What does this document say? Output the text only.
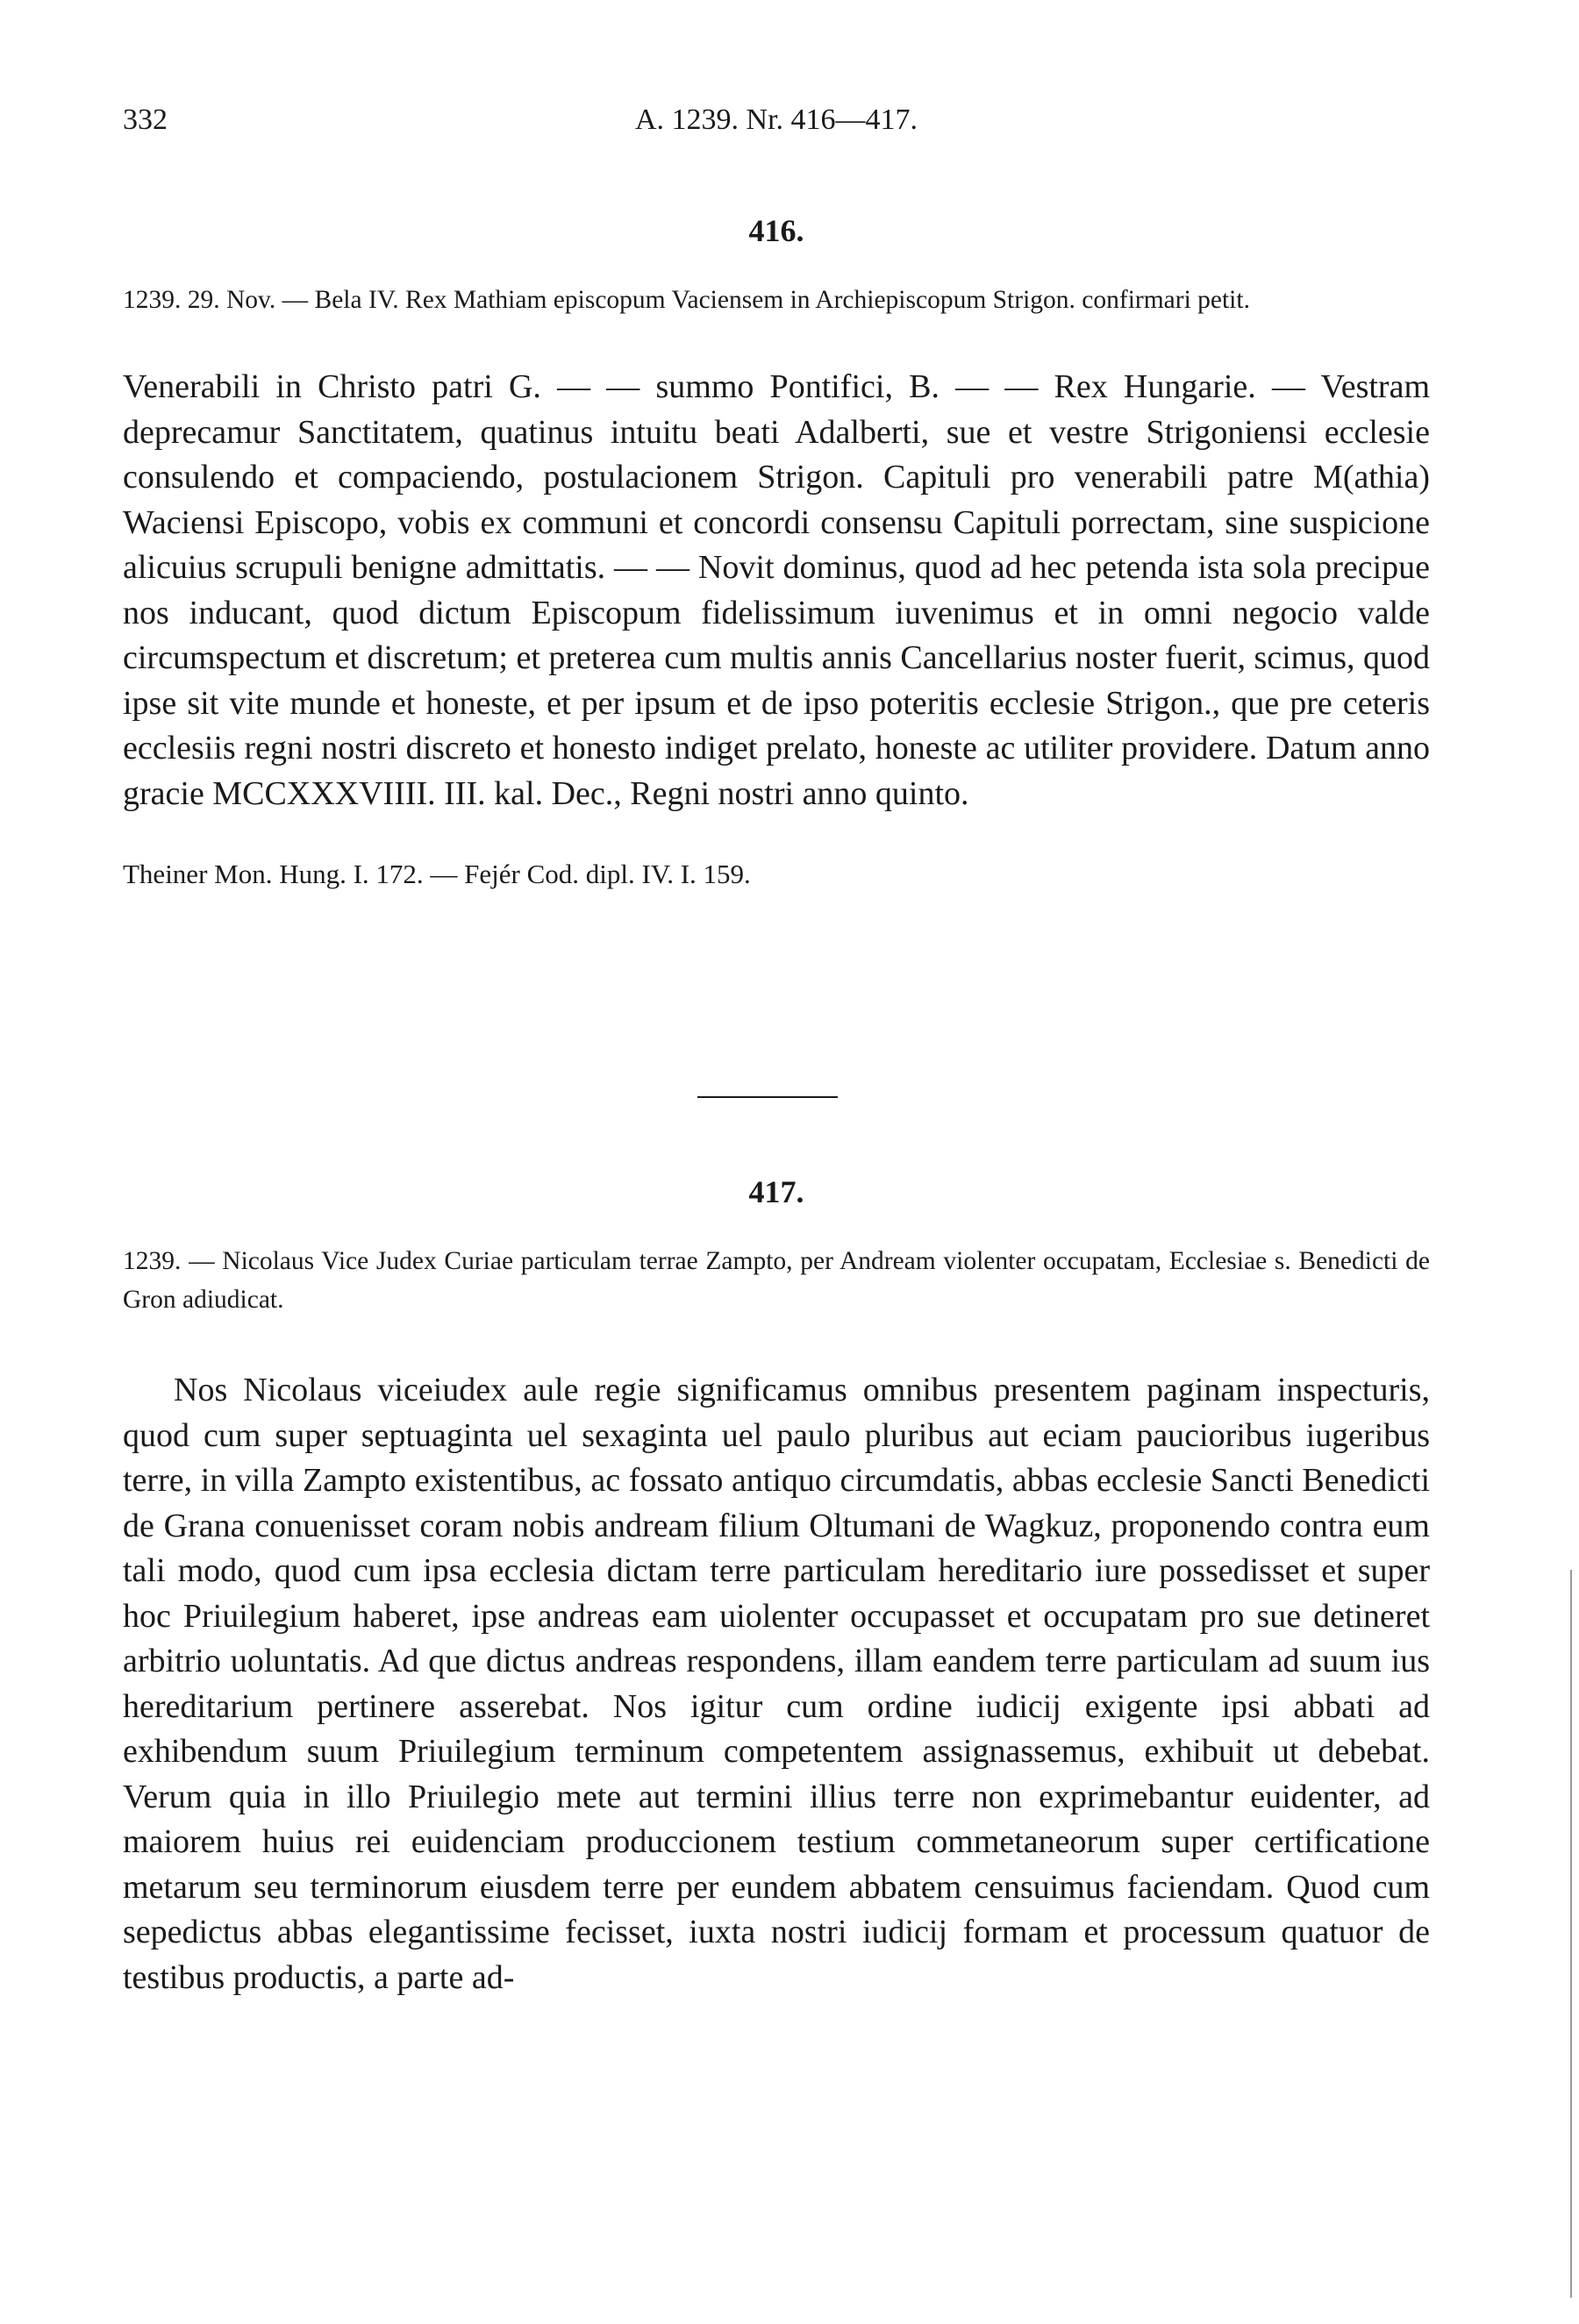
332	A. 1239. Nr. 416—417.
416.

1239. 29. Nov. — Bela IV. Rex Mathiam episcopum Vaciensem in Archiepiscopum Strigon. confirmari petit.

Venerabili in Christo patri G. — — summo Pontifici, B. — — Rex Hungarie. — Vestram deprecamur Sanctitatem, quatinus intuitu beati Adalberti, sue et vestre Strigoniensi ecclesie consulendo et compaciendo, postulacionem Strigon. Capituli pro venerabili patre M(athia) Waciensi Episcopo, vobis ex communi et concordi consensu Capituli porrectam, sine suspicione alicuius scrupuli benigne admittatis. — — Novit dominus, quod ad hec petenda ista sola precipue nos inducant, quod dictum Episcopum fidelissimum iuvenimus et in omni negocio valde circumspectum et discretum; et preterea cum multis annis Cancellarius noster fuerit, scimus, quod ipse sit vite munde et honeste, et per ipsum et de ipso poteritis ecclesie Strigon., que pre ceteris ecclesiis regni nostri discreto et honesto indiget prelato, honeste ac utiliter providere. Datum anno gracie MCCXXXVIIII. III. kal. Dec., Regni nostri anno quinto.

Theiner Mon. Hung. I. 172. — Fejér Cod. dipl. IV. I. 159.

417.

1239. — Nicolaus Vice Judex Curiae particulam terrae Zampto, per Andream violenter occupatam, Ecclesiae s. Benedicti de Gron adiudicat.

Nos Nicolaus viceiudex aule regie significamus omnibus presentem paginam inspecturis, quod cum super septuaginta uel sexaginta uel paulo pluribus aut eciam paucioribus iugeribus terre, in villa Zampto existentibus, ac fossato antiquo circumdatis, abbas ecclesie Sancti Benedicti de Grana conuenisset coram nobis andream filium Oltumani de Wagkuz, proponendo contra eum tali modo, quod cum ipsa ecclesia dictam terre particulam hereditario iure possedisset et super hoc Priuilegium haberet, ipse andreas eam uiolenter occupasset et occupatam pro sue detineret arbitrio uoluntatis. Ad que dictus andreas respondens, illam eandem terre particulam ad suum ius hereditarium pertinere asserebat. Nos igitur cum ordine iudicij exigente ipsi abbati ad exhibendum suum Priuilegium terminum competentem assignassemus, exhibuit ut debebat. Verum quia in illo Priuilegio mete aut termini illius terre non exprimebantur euidenter, ad maiorem huius rei euidenciam produccionem testium commetaneorum super certificatione metarum seu terminorum eiusdem terre per eundem abbatem censuimus faciendam. Quod cum sepedictus abbas elegantissime fecisset, iuxta nostri iudicij formam et processum quatuor de testibus productis, a parte ad-
